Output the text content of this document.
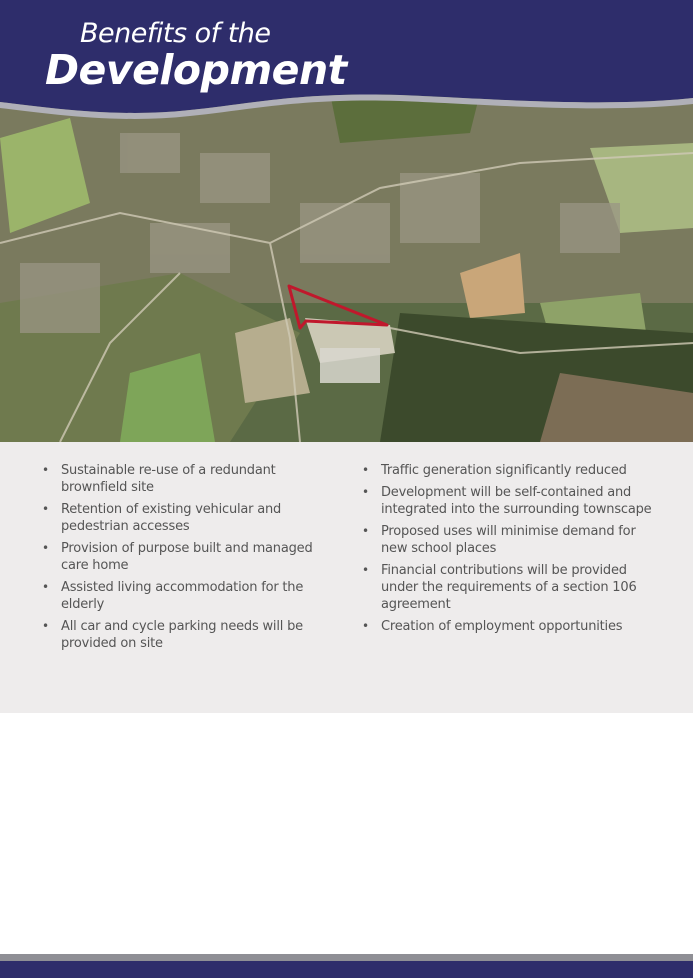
Benefits of the
Development
• Sustainable re-use of a redundant brownfield site
• Retention of existing vehicular and pedestrian accesses
• Provision of purpose built and managed care home
• Assisted living accommodation for the elderly
• All car and cycle parking needs will be provided on site
• Traffic generation significantly reduced
• Development will be self-contained and integrated into the surrounding townscape
• Proposed uses will minimise demand for new school places
• Financial contributions will be provided under the requirements of a section 106 agreement
• Creation of employment opportunities
